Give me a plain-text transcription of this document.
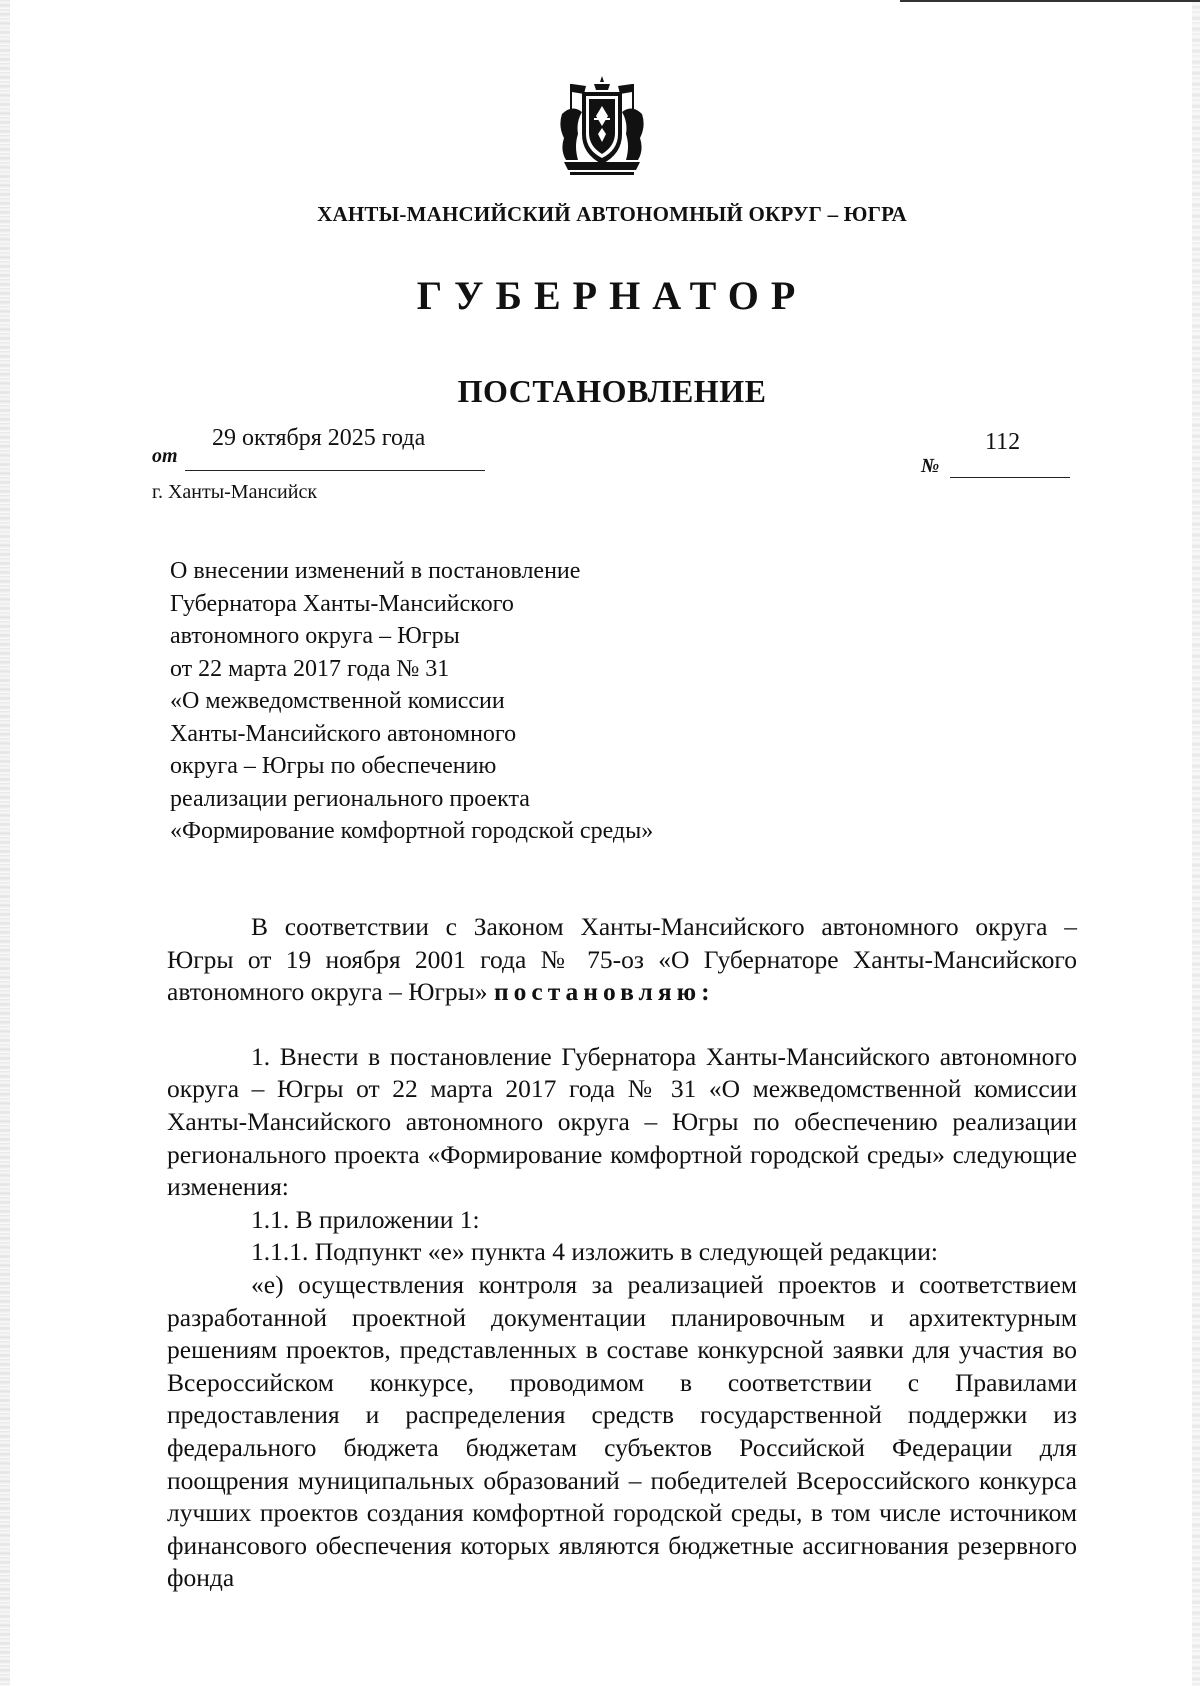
ХАНТЫ-МАНСИЙСКИЙ АВТОНОМНЫЙ ОКРУГ – ЮГРА
ГУБЕРНАТОР
ПОСТАНОВЛЕНИЕ
от
29 октября 2025 года
№
112
г. Ханты-Мансийск
О внесении изменений в постановление
Губернатора Ханты-Мансийского
автономного округа – Югры
от 22 марта 2017 года № 31
«О межведомственной комиссии
Ханты-Мансийского автономного
округа – Югры по обеспечению
реализации регионального проекта
«Формирование комфортной городской среды»

В соответствии с Законом Ханты-Мансийского автономного округа – Югры от 19 ноября 2001 года № 75-оз «О Губернаторе Ханты-Мансийского автономного округа – Югры» постановляю:

1. Внести в постановление Губернатора Ханты-Мансийского автономного округа – Югры от 22 марта 2017 года № 31 «О межведомственной комиссии Ханты-Мансийского автономного округа – Югры по обеспечению реализации регионального проекта «Формирование комфортной городской среды» следующие изменения:

1.1. В приложении 1:

1.1.1. Подпункт «е» пункта 4 изложить в следующей редакции:

«е) осуществления контроля за реализацией проектов и соответствием разработанной проектной документации планировочным и архитектурным решениям проектов, представленных в составе конкурсной заявки для участия во Всероссийском конкурсе, проводимом в соответствии с Правилами предоставления и распределения средств государственной поддержки из федерального бюджета бюджетам субъектов Российской Федерации для поощрения муниципальных образований – победителей Всероссийского конкурса лучших проектов создания комфортной городской среды, в том числе источником финансового обеспечения которых являются бюджетные ассигнования резервного фонда
